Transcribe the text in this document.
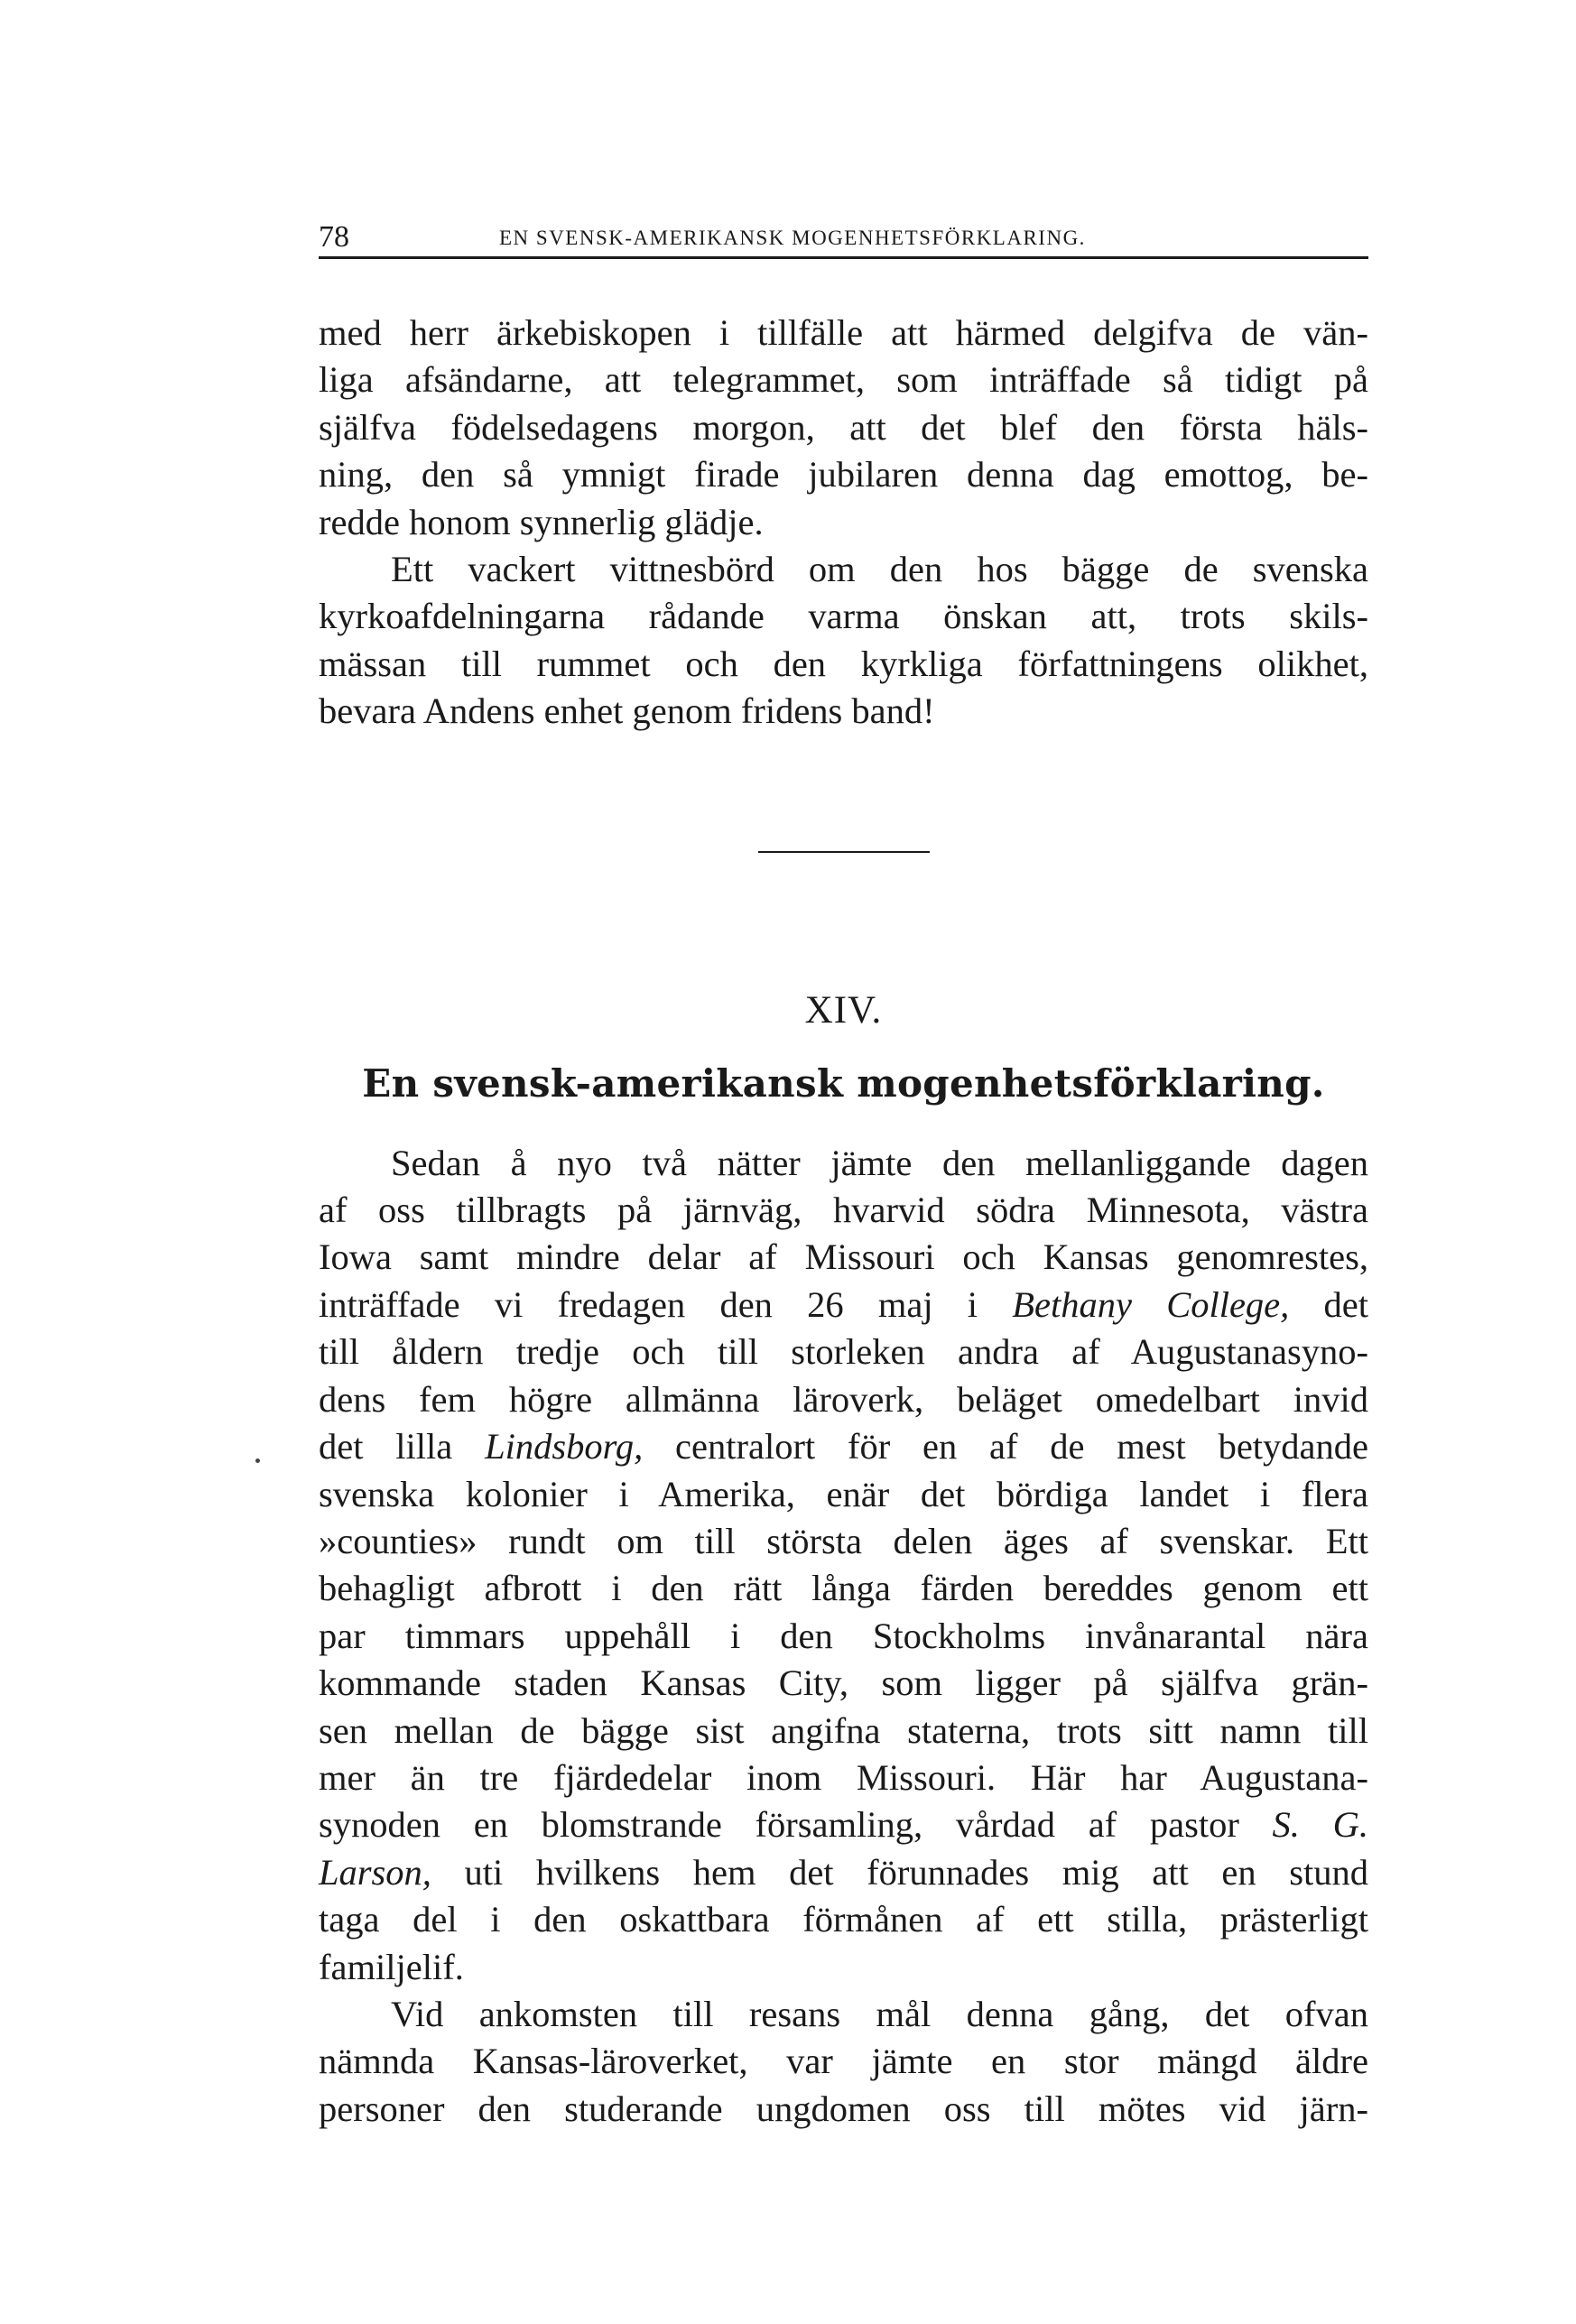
78	EN SVENSK-AMERIKANSK MOGENHETSFÖRKLARING.
med herr ärkebiskopen i tillfälle att härmed delgifva de vän-
liga afsändarne, att telegrammet, som inträffade så tidigt på
själfva födelsedagens morgon, att det blef den första häls-
ning, den så ymnigt firade jubilaren denna dag emottog, be-
redde honom synnerlig glädje.
Ett vackert vittnesbörd om den hos bägge de svenska
kyrkoafdelningarna rådande varma önskan att, trots skils-
mässan till rummet och den kyrkliga författningens olikhet,
bevara Andens enhet genom fridens band!
XIV.
En svensk-amerikansk mogenhetsförklaring.
Sedan å nyo två nätter jämte den mellanliggande dagen
af oss tillbragts på järnväg, hvarvid södra Minnesota, västra
Iowa samt mindre delar af Missouri och Kansas genomrestes,
inträffade vi fredagen den 26 maj i Bethany College, det
till åldern tredje och till storleken andra af Augustanasyno-
dens fem högre allmänna läroverk, beläget omedelbart invid
det lilla Lindsborg, centralort för en af de mest betydande
svenska kolonier i Amerika, enär det bördiga landet i flera
»counties» rundt om till största delen äges af svenskar. Ett
behagligt afbrott i den rätt långa färden bereddes genom ett
par timmars uppehåll i den Stockholms invånarantal nära
kommande staden Kansas City, som ligger på själfva grän-
sen mellan de bägge sist angifna staterna, trots sitt namn till
mer än tre fjärdedelar inom Missouri. Här har Augustana-
synoden en blomstrande församling, vårdad af pastor S. G.
Larson, uti hvilkens hem det förunnades mig att en stund
taga del i den oskattbara förmånen af ett stilla, prästerligt
familjelif.
Vid ankomsten till resans mål denna gång, det ofvan
nämnda Kansas-läroverket, var jämte en stor mängd äldre
personer den studerande ungdomen oss till mötes vid järn-
